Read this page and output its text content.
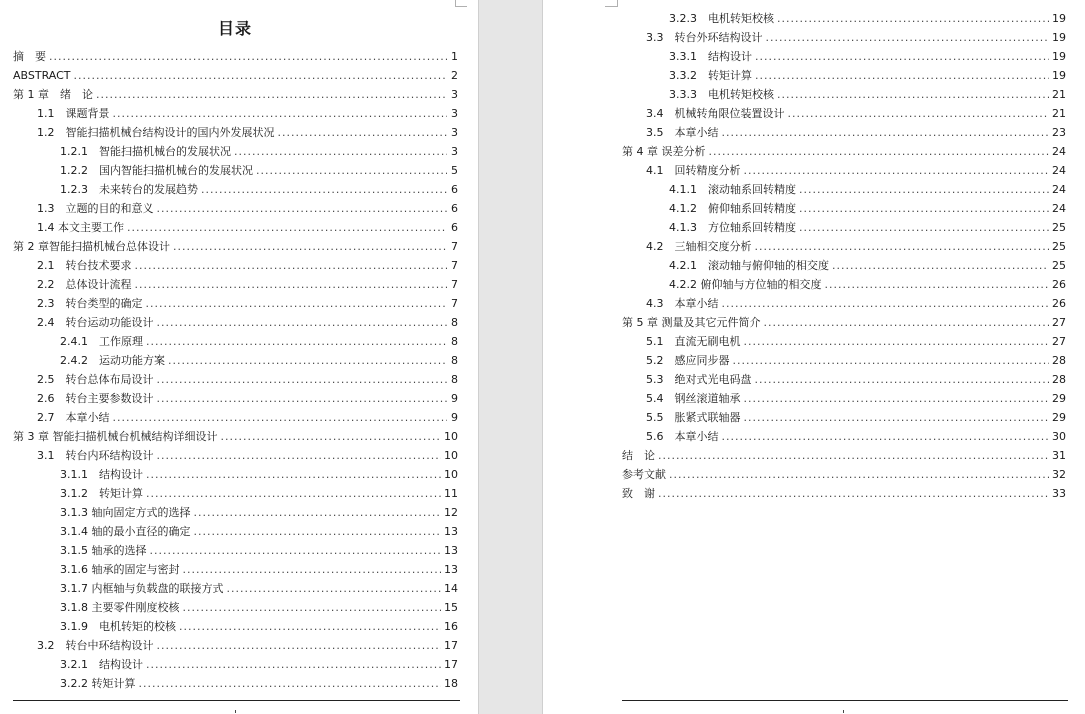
目录
摘　要 .....	1
ABSTRACT .....	2
第 1 章　绪　论 .....	3
1.1　课题背景 .....	3
1.2　智能扫描机械台结构设计的国内外发展状况 .....	3
1.2.1　智能扫描机械台的发展状况 .....	3
1.2.2　国内智能扫描机械台的发展状况 .....	5
1.2.3　未来转台的发展趋势 .....	6
1.3　立题的目的和意义 .....	6
1.4 本文主要工作 .....	6
第 2 章智能扫描机械台总体设计 .....	7
2.1　转台技术要求 .....	7
2.2　总体设计流程 .....	7
2.3　转台类型的确定 .....	7
2.4　转台运动功能设计 .....	8
2.4.1　工作原理 .....	8
2.4.2　运动功能方案 .....	8
2.5　转台总体布局设计 .....	8
2.6　转台主要参数设计 .....	9
2.7　本章小结 .....	9
第 3 章 智能扫描机械台机械结构详细设计 .....	10
3.1　转台内环结构设计 .....	10
3.1.1　结构设计 .....	10
3.1.2　转矩计算 .....	11
3.1.3 轴向固定方式的选择 .....	12
3.1.4 轴的最小直径的确定 .....	13
3.1.5 轴承的选择 .....	13
3.1.6 轴承的固定与密封 .....	13
3.1.7 内框轴与负载盘的联接方式 .....	14
3.1.8 主要零件刚度校核 .....	15
3.1.9　电机转矩的校核 .....	16
3.2　转台中环结构设计 .....	17
3.2.1　结构设计 .....	17
3.2.2 转矩计算 .....	18
3.2.3　电机转矩校核 .....	19
3.3　转台外环结构设计 .....	19
3.3.1　结构设计 .....	19
3.3.2　转矩计算 .....	19
3.3.3　电机转矩校核 .....	21
3.4　机械转角限位装置设计 .....	21
3.5　本章小结 .....	23
第 4 章 误差分析 .....	24
4.1　回转精度分析 .....	24
4.1.1　滚动轴系回转精度 .....	24
4.1.2　俯仰轴系回转精度 .....	24
4.1.3　方位轴系回转精度 .....	25
4.2　三轴相交度分析 .....	25
4.2.1　滚动轴与俯仰轴的相交度 .....	25
4.2.2 俯仰轴与方位轴的相交度 .....	26
4.3　本章小结 .....	26
第 5 章 测量及其它元件简介 .....	27
5.1　直流无刷电机 .....	27
5.2　感应同步器 .....	28
5.3　绝对式光电码盘 .....	28
5.4　钢丝滚道轴承 .....	29
5.5　胀紧式联轴器 .....	29
5.6　本章小结 .....	30
结　论 .....	31
参考文献 .....	32
致　谢 .....	33
